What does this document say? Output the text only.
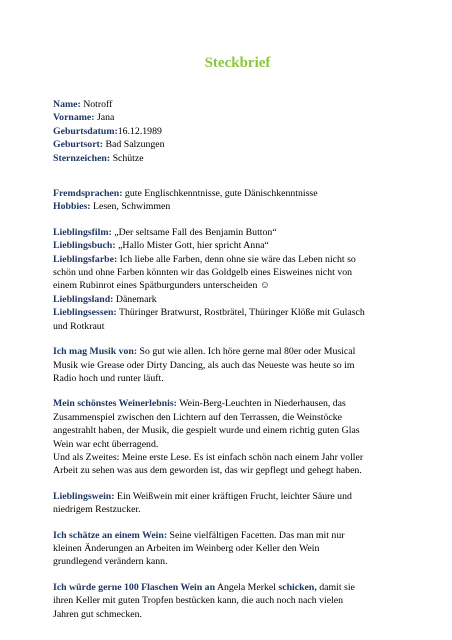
Steckbrief
Name: Notroff
Vorname: Jana
Geburtsdatum:16.12.1989
Geburtsort: Bad Salzungen
Sternzeichen: Schütze
Fremdsprachen: gute Englischkenntnisse, gute Dänischkenntnisse
Hobbies: Lesen, Schwimmen
Lieblingsfilm: „Der seltsame Fall des Benjamin Button“
Lieblingsbuch: „Hallo Mister Gott, hier spricht Anna“
Lieblingsfarbe: Ich liebe alle Farben, denn ohne sie wäre das Leben nicht so
schön und ohne Farben könnten wir das Goldgelb eines Eisweines nicht von
einem Rubinrot eines Spätburgunders unterscheiden ☺
Lieblingsland: Dänemark
Lieblingsessen: Thüringer Bratwurst, Rostbrätel, Thüringer Klöße mit Gulasch
und Rotkraut
Ich mag Musik von: So gut wie allen. Ich höre gerne mal 80er oder Musical
Musik wie Grease oder Dirty Dancing, als auch das Neueste was heute so im
Radio hoch und runter läuft.
Mein schönstes Weinerlebnis: Wein-Berg-Leuchten in Niederhausen, das
Zusammenspiel zwischen den Lichtern auf den Terrassen, die Weinstöcke
angestrahlt haben, der Musik, die gespielt wurde und einem richtig guten Glas
Wein war echt überragend.
Und als Zweites: Meine erste Lese. Es ist einfach schön nach einem Jahr voller
Arbeit zu sehen was aus dem geworden ist, das wir gepflegt und gehegt haben.
Lieblingswein: Ein Weißwein mit einer kräftigen Frucht, leichter Säure und
niedrigem Restzucker.
Ich schätze an einem Wein: Seine vielfältigen Facetten. Das man mit nur
kleinen Änderungen an Arbeiten im Weinberg oder Keller den Wein
grundlegend verändern kann.
Ich würde gerne 100 Flaschen Wein an Angela Merkel schicken, damit sie
ihren Keller mit guten Tropfen bestücken kann, die auch noch nach vielen
Jahren gut schmecken.
